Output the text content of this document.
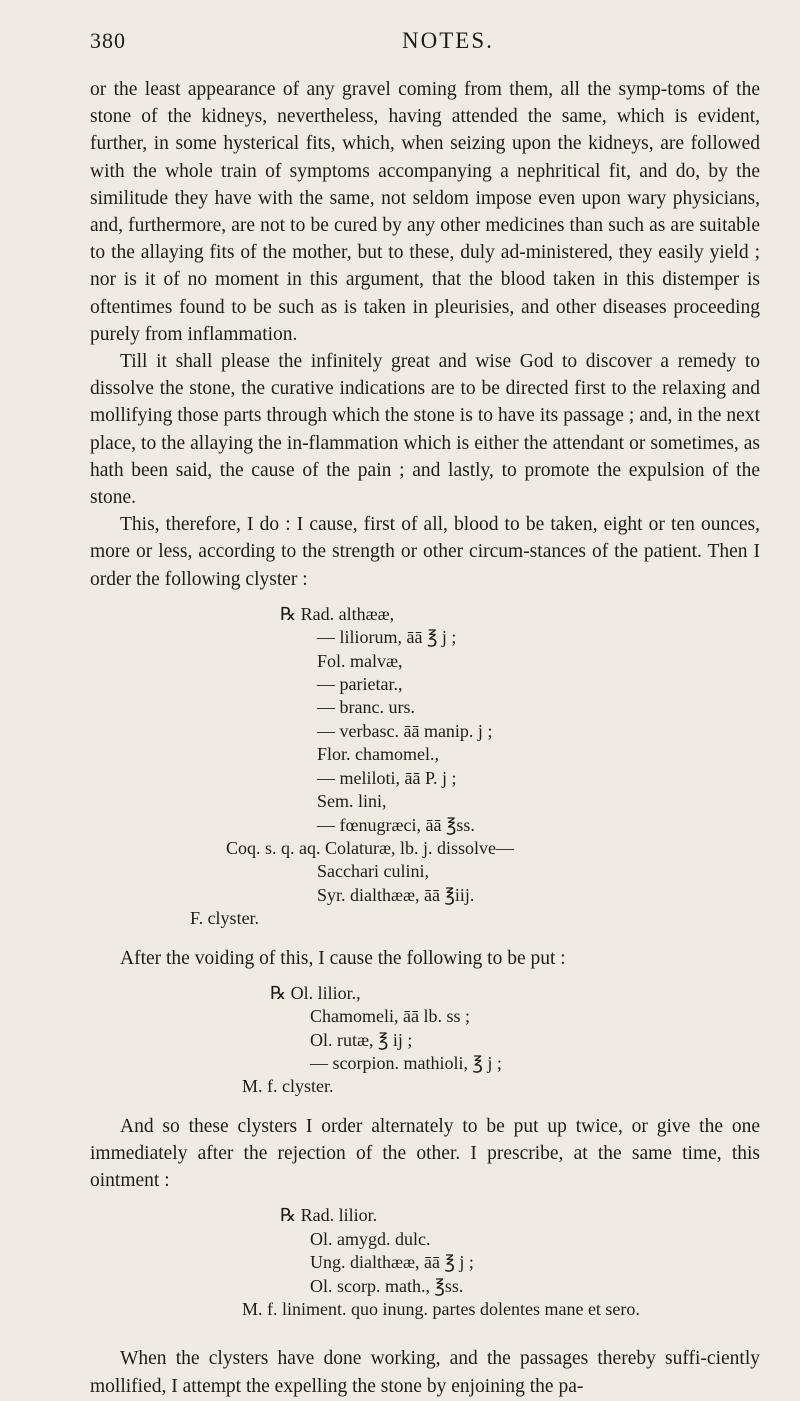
380	NOTES.

or the least appearance of any gravel coming from them, all the symp-toms of the stone of the kidneys, nevertheless, having attended the same, which is evident, further, in some hysterical fits, which, when seizing upon the kidneys, are followed with the whole train of symptoms accompanying a nephritical fit, and do, by the similitude they have with the same, not seldom impose even upon wary physicians, and, furthermore, are not to be cured by any other medicines than such as are suitable to the allaying fits of the mother, but to these, duly ad-ministered, they easily yield ; nor is it of no moment in this argument, that the blood taken in this distemper is oftentimes found to be such as is taken in pleurisies, and other diseases proceeding purely from inflammation.

Till it shall please the infinitely great and wise God to discover a remedy to dissolve the stone, the curative indications are to be directed first to the relaxing and mollifying those parts through which the stone is to have its passage ; and, in the next place, to the allaying the in-flammation which is either the attendant or sometimes, as hath been said, the cause of the pain ; and lastly, to promote the expulsion of the stone.

This, therefore, I do : I cause, first of all, blood to be taken, eight or ten ounces, more or less, according to the strength or other circum-stances of the patient. Then I order the following clyster :

℞ Rad. althææ,
— liliorum, āā ℥ j ;
Fol. malvæ,
— parietar.,
— branc. urs.
— verbasc. āā manip. j ;
Flor. chamomel.,
— meliloti, āā P. j ;
Sem. lini,
— fœnugræci, āā ℥ss.
Coq. s. q. aq. Colaturæ, lb. j. dissolve—
Sacchari culini,
Syr. dialthææ, āā ℥iij.
F. clyster.

After the voiding of this, I cause the following to be put :

℞ Ol. lilior.,
Chamomeli, āā lb. ss ;
Ol. rutæ, ℥ ij ;
— scorpion. mathioli, ℥ j ;
M. f. clyster.

And so these clysters I order alternately to be put up twice, or give the one immediately after the rejection of the other. I prescribe, at the same time, this ointment :

℞ Rad. lilior.
Ol. amygd. dulc.
Ung. dialthææ, āā ℥ j ;
Ol. scorp. math., ℥ss.
M. f. liniment. quo inung. partes dolentes mane et sero.

When the clysters have done working, and the passages thereby suffi-ciently mollified, I attempt the expelling the stone by enjoining the pa-
